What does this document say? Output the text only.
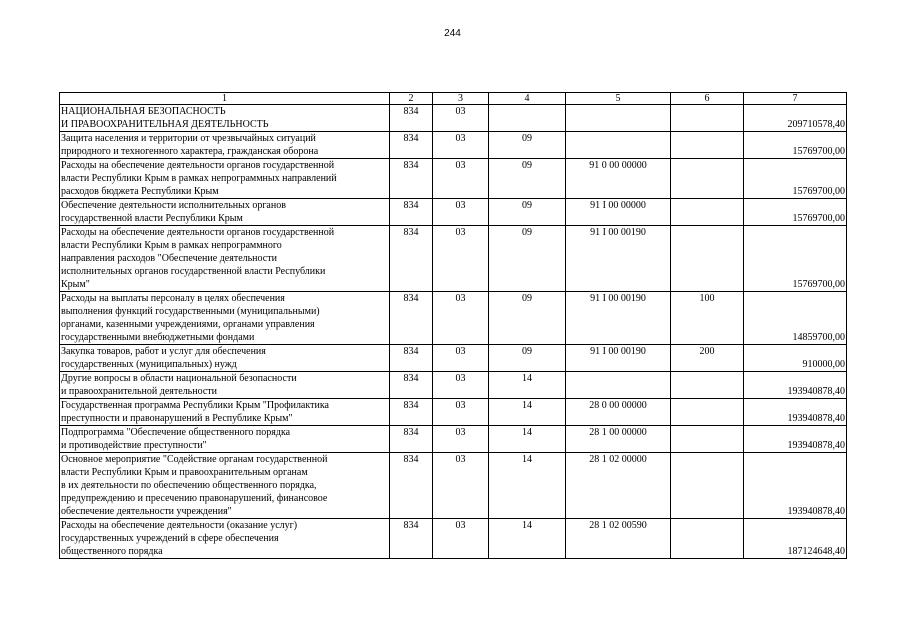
244
1	2	3	4	5	6	7

НАЦИОНАЛЬНАЯ БЕЗОПАСНОСТЬ
И ПРАВООХРАНИТЕЛЬНАЯ ДЕЯТЕЛЬНОСТЬ	834	03				209710578,40

Защита населения и территории от чрезвычайных ситуаций
природного и техногенного характера, гражданская оборона	834	03	09			15769700,00

Расходы на обеспечение деятельности органов государственной
власти Республики Крым в рамках непрограммных направлений
расходов бюджета Республики Крым	834	03	09	91 0 00 00000		15769700,00

Обеспечение деятельности исполнительных органов
государственной власти Республики Крым	834	03	09	91 I 00 00000		15769700,00

Расходы на обеспечение деятельности органов государственной
власти Республики Крым в рамках непрограммного
направления расходов "Обеспечение деятельности
исполнительных органов государственной власти Республики
Крым"	834	03	09	91 I 00 00190		15769700,00

Расходы на выплаты персоналу в целях обеспечения
выполнения функций государственными (муниципальными)
органами, казенными учреждениями, органами управления
государственными внебюджетными фондами	834	03	09	91 I 00 00190	100	14859700,00

Закупка товаров, работ и услуг для обеспечения
государственных (муниципальных) нужд	834	03	09	91 I 00 00190	200	910000,00

Другие вопросы в области национальной безопасности
и правоохранительной деятельности	834	03	14			193940878,40

Государственная программа Республики Крым "Профилактика
преступности и правонарушений в Республике Крым"	834	03	14	28 0 00 00000		193940878,40

Подпрограмма "Обеспечение общественного порядка
и противодействие преступности"	834	03	14	28 1 00 00000		193940878,40

Основное мероприятие "Содействие органам государственной
власти Республики Крым и правоохранительным органам
в их деятельности по обеспечению общественного порядка,
предупреждению и пресечению правонарушений, финансовое
обеспечение деятельности учреждения"	834	03	14	28 1 02 00000		193940878,40

Расходы на обеспечение деятельности (оказание услуг)
государственных учреждений в сфере обеспечения
общественного порядка	834	03	14	28 1 02 00590		187124648,40
